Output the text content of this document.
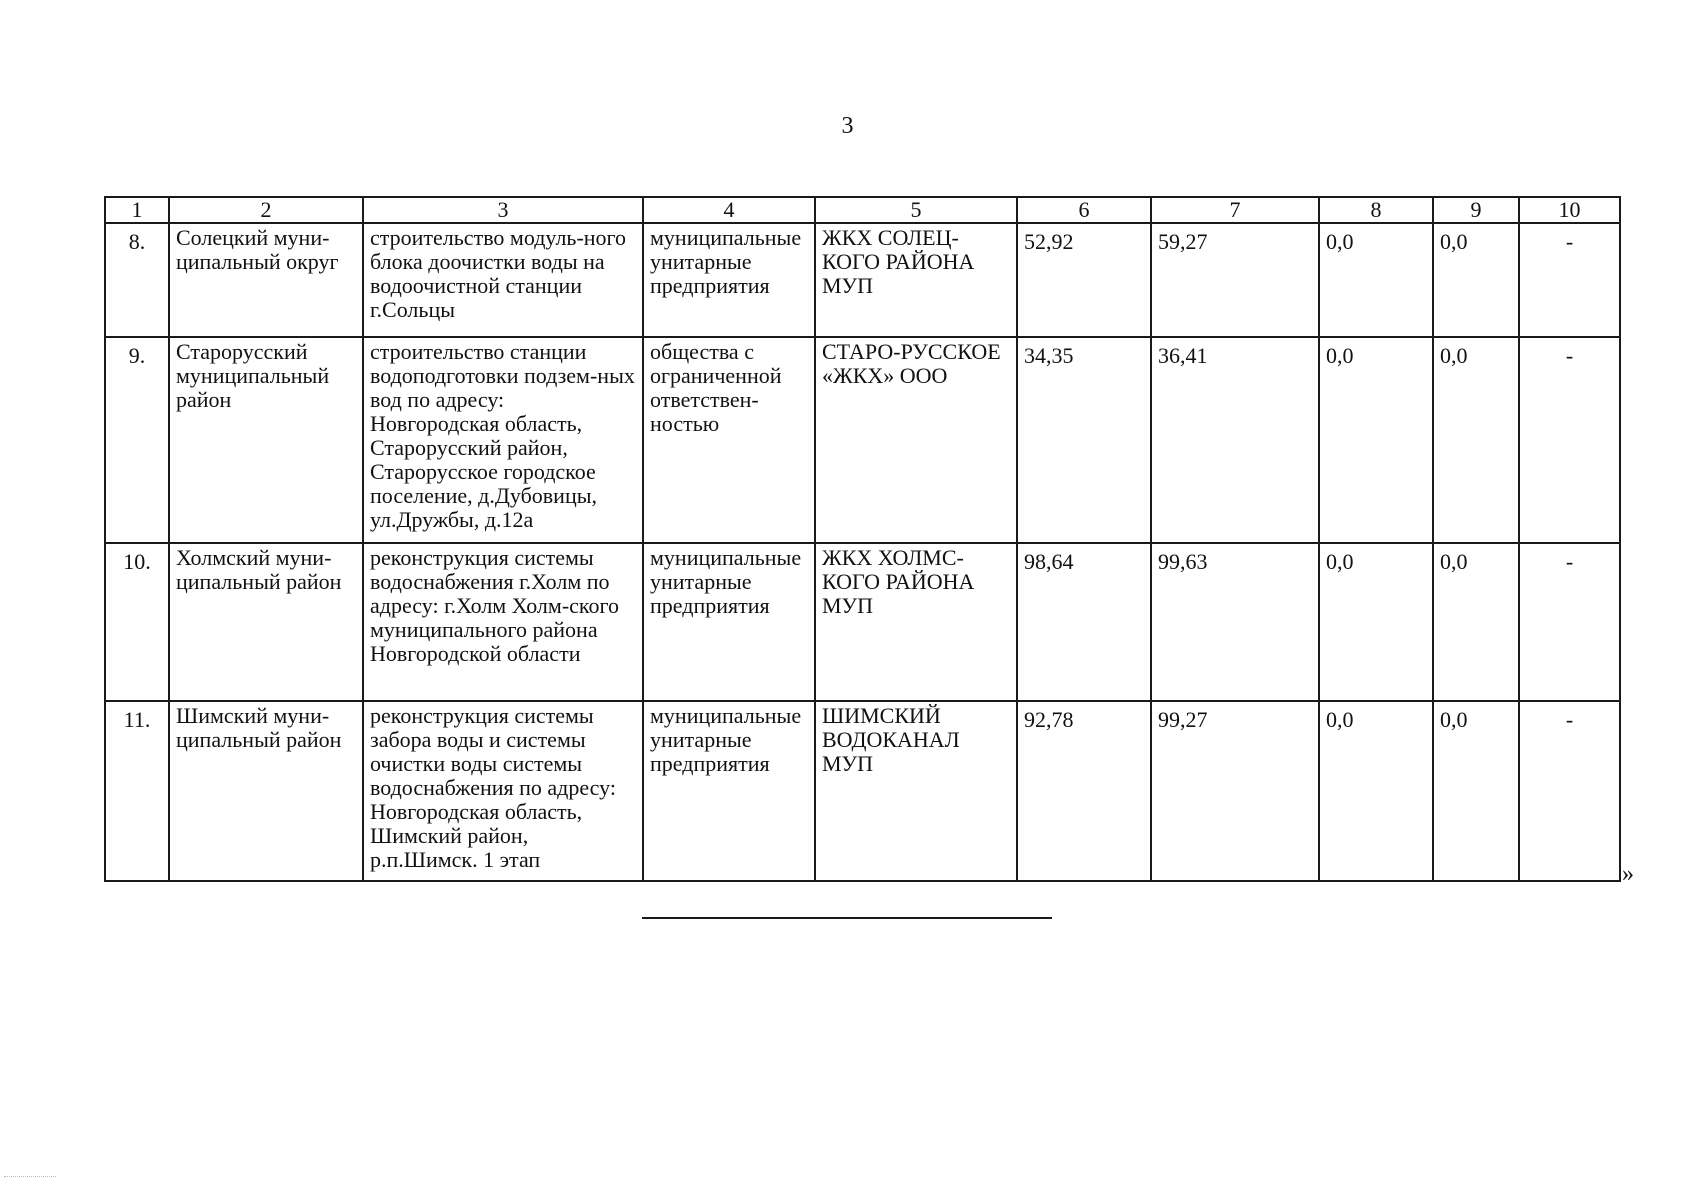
3
1	2	3	4	5	6	7	8	9	10
8.	Солецкий муни-ципальный округ	строительство модуль-ного блока доочистки воды на водоочистной станции г.Сольцы	муниципальные унитарные предприятия	ЖКХ СОЛЕЦ-КОГО РАЙОНА МУП	52,92	59,27	0,0	0,0	-
9.	Старорусский муниципальный район	строительство станции водоподготовки подзем-ных вод по адресу: Новгородская область, Старорусский район, Старорусское городское поселение, д.Дубовицы, ул.Дружбы, д.12а	общества с ограниченной ответствен-ностью	СТАРО-РУССКОЕ «ЖКХ» ООО	34,35	36,41	0,0	0,0	-
10.	Холмский муни-ципальный район	реконструкция системы водоснабжения г.Холм по адресу: г.Холм Холм-ского муниципального района Новгородской области	муниципальные унитарные предприятия	ЖКХ ХОЛМС-КОГО РАЙОНА МУП	98,64	99,63	0,0	0,0	-
11.	Шимский муни-ципальный район	реконструкция системы забора воды и системы очистки воды системы водоснабжения по адресу: Новгородская область, Шимский район, р.п.Шимск. 1 этап	муниципальные унитарные предприятия	ШИМСКИЙ ВОДОКАНАЛ МУП	92,78	99,27	0,0	0,0	-
»
